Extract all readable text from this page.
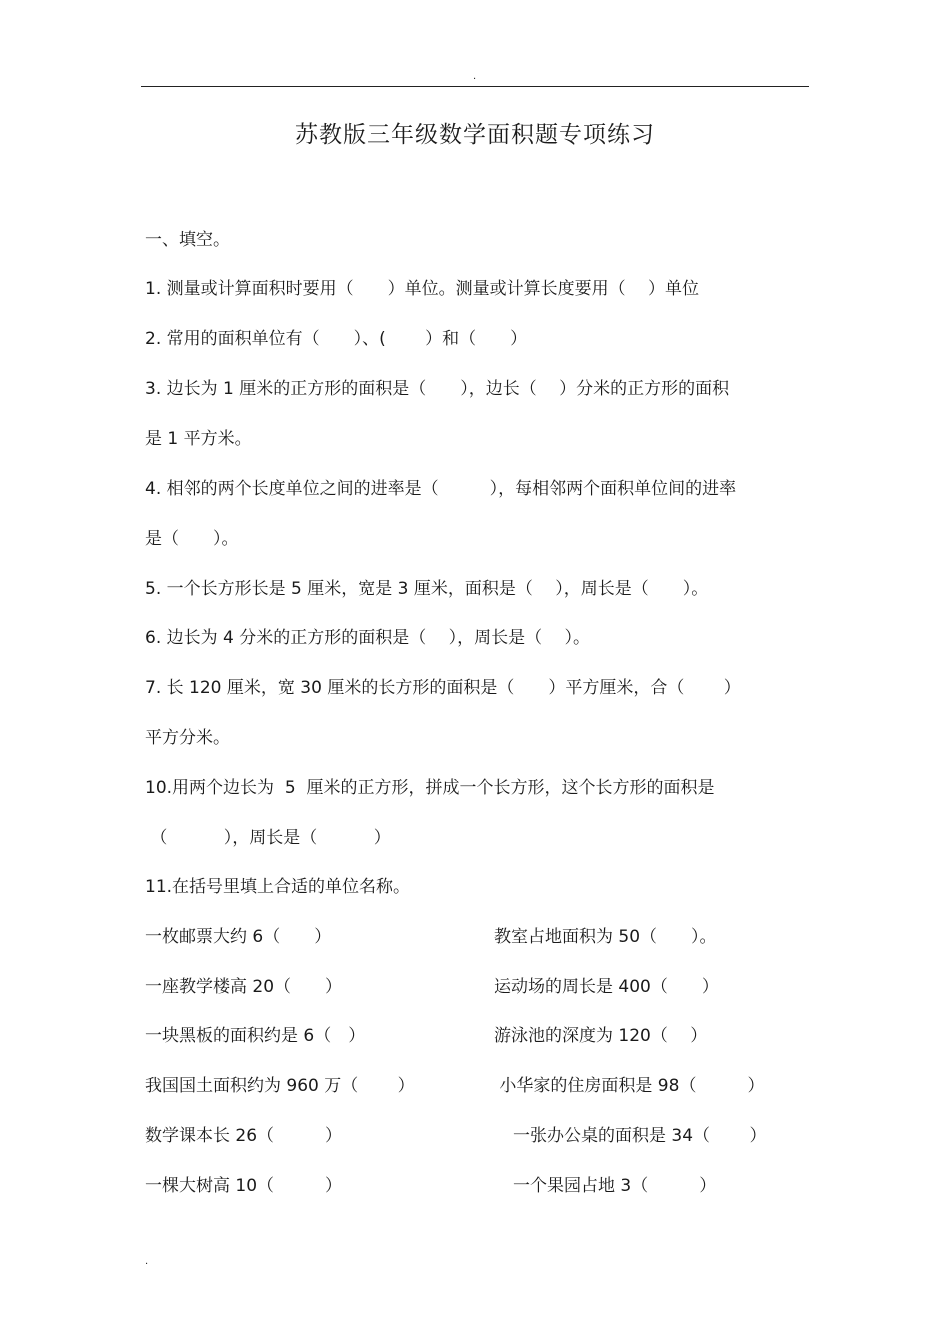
.
苏教版三年级数学面积题专项练习
一、填空。
1. 测量或计算面积时要用（　　）单位。测量或计算长度要用（　 ）单位
2. 常用的面积单位有（　　）、(　　 ）和（　　）
3. 边长为 1 厘米的正方形的面积是（　　），边长（　 ）分米的正方形的面积
是 1 平方米。
4. 相邻的两个长度单位之间的进率是（　　　），每相邻两个面积单位间的进率
是（　　）。
5. 一个长方形长是 5 厘米，宽是 3 厘米，面积是（　 ），周长是（　　）。
6. 边长为 4 分米的正方形的面积是（　 ），周长是（　 ）。
7. 长 120 厘米，宽 30 厘米的长方形的面积是（　　）平方厘米，合（　　 ）
平方分米。
10.用两个边长为  5  厘米的正方形，拼成一个长方形，这个长方形的面积是
（　　　 ），周长是（　　　 ）
11.在括号里填上合适的单位名称。
一枚邮票大约 6（　　）	教室占地面积为 50（　　）。
一座教学楼高 20（　　）	运动场的周长是 400（　　）
一块黑板的面积约是 6（　）	游泳池的深度为 120（　 ）
我国国土面积约为 960 万（　　 ）	小华家的住房面积是 98（　　　）
数学课本长 26（　　　）	一张办公桌的面积是 34（　　 ）
一棵大树高 10（　　　）	一个果园占地 3（　　　）
.
